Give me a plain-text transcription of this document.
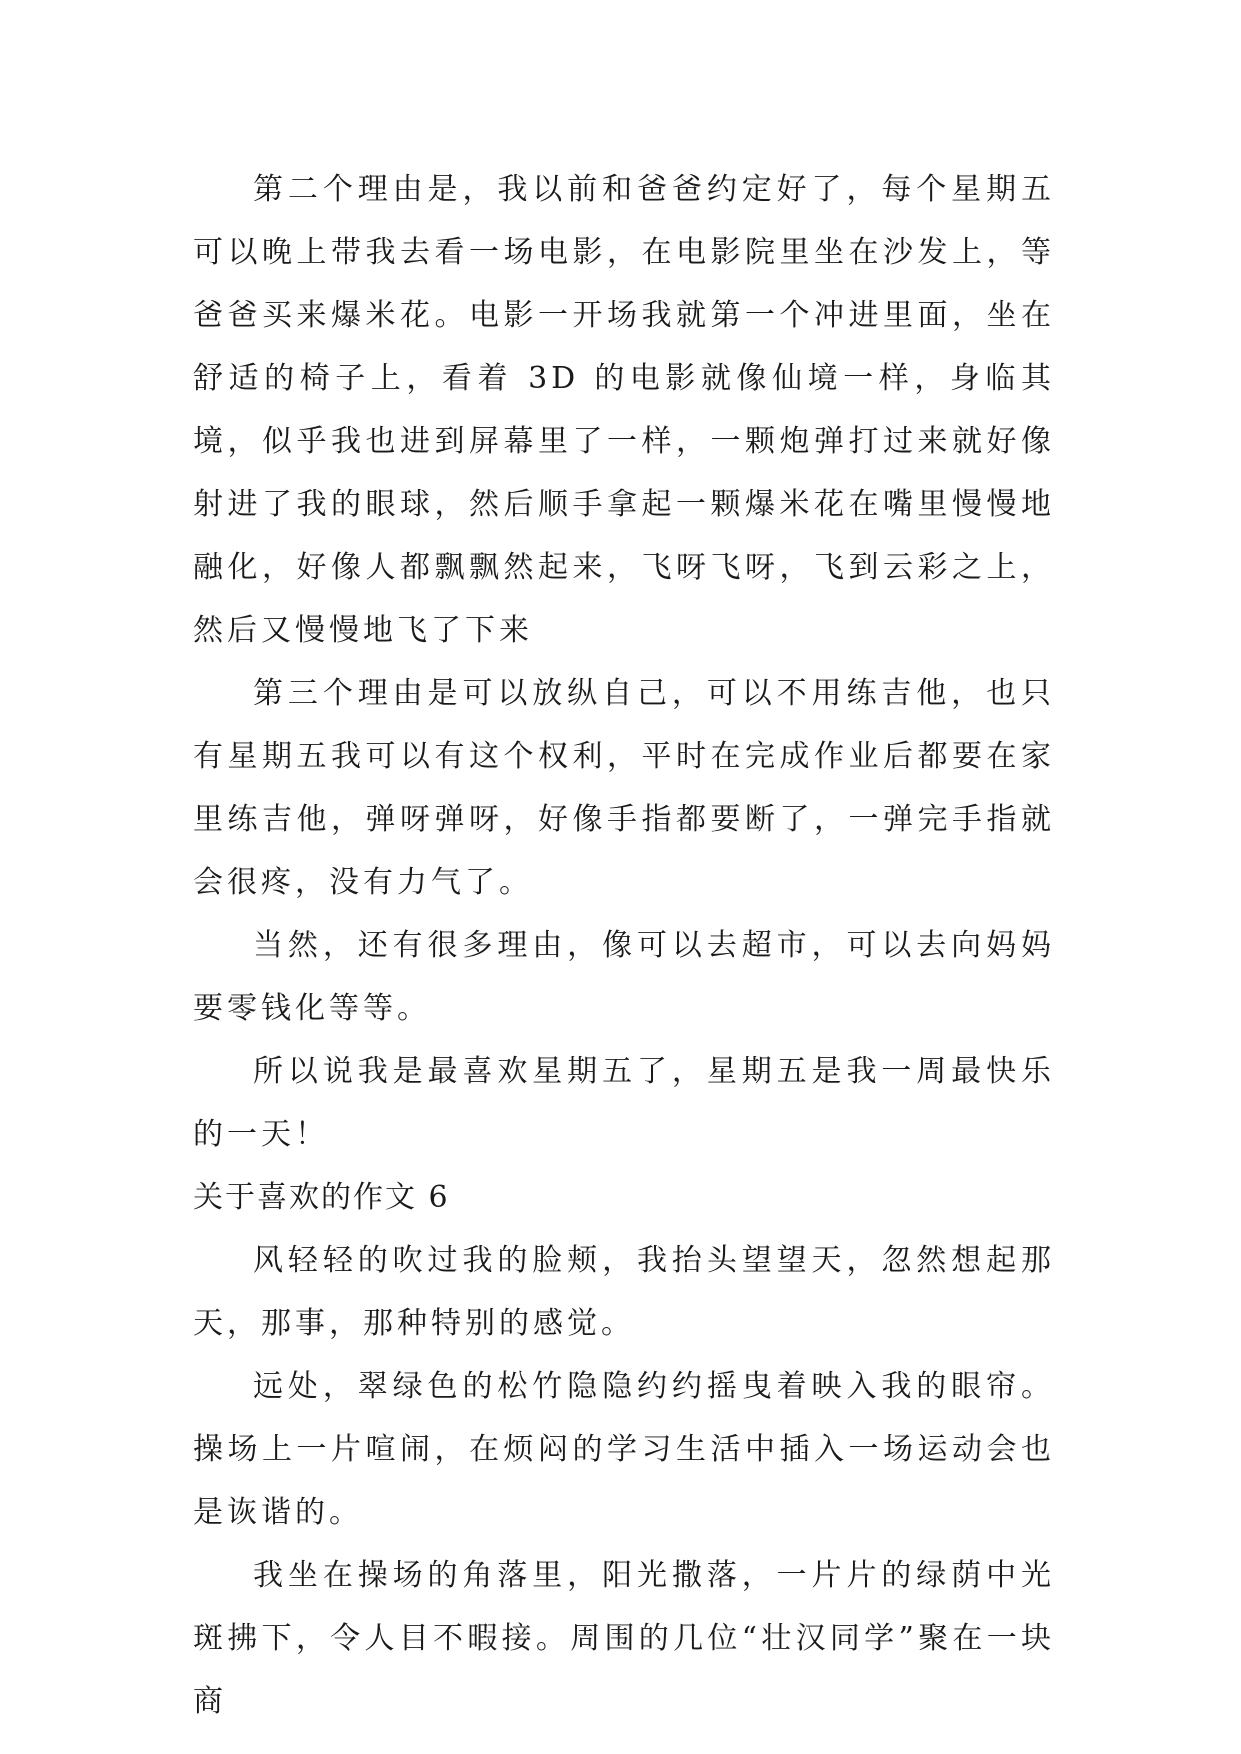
第二个理由是，我以前和爸爸约定好了，每个星期五可以晚上带我去看一场电影，在电影院里坐在沙发上，等爸爸买来爆米花。电影一开场我就第一个冲进里面，坐在舒适的椅子上，看着 3D 的电影就像仙境一样，身临其境，似乎我也进到屏幕里了一样，一颗炮弹打过来就好像射进了我的眼球，然后顺手拿起一颗爆米花在嘴里慢慢地融化，好像人都飘飘然起来，飞呀飞呀，飞到云彩之上，然后又慢慢地飞了下来

第三个理由是可以放纵自己，可以不用练吉他，也只有星期五我可以有这个权利，平时在完成作业后都要在家里练吉他，弹呀弹呀，好像手指都要断了，一弹完手指就会很疼，没有力气了。

当然，还有很多理由，像可以去超市，可以去向妈妈要零钱化等等。

所以说我是最喜欢星期五了，星期五是我一周最快乐的一天！

关于喜欢的作文 6

风轻轻的吹过我的脸颊，我抬头望望天，忽然想起那天，那事，那种特别的感觉。

远处，翠绿色的松竹隐隐约约摇曳着映入我的眼帘。操场上一片喧闹，在烦闷的学习生活中插入一场运动会也是诙谐的。

我坐在操场的角落里，阳光撒落，一片片的绿荫中光斑拂下，令人目不暇接。周围的几位“壮汉同学”聚在一块商
